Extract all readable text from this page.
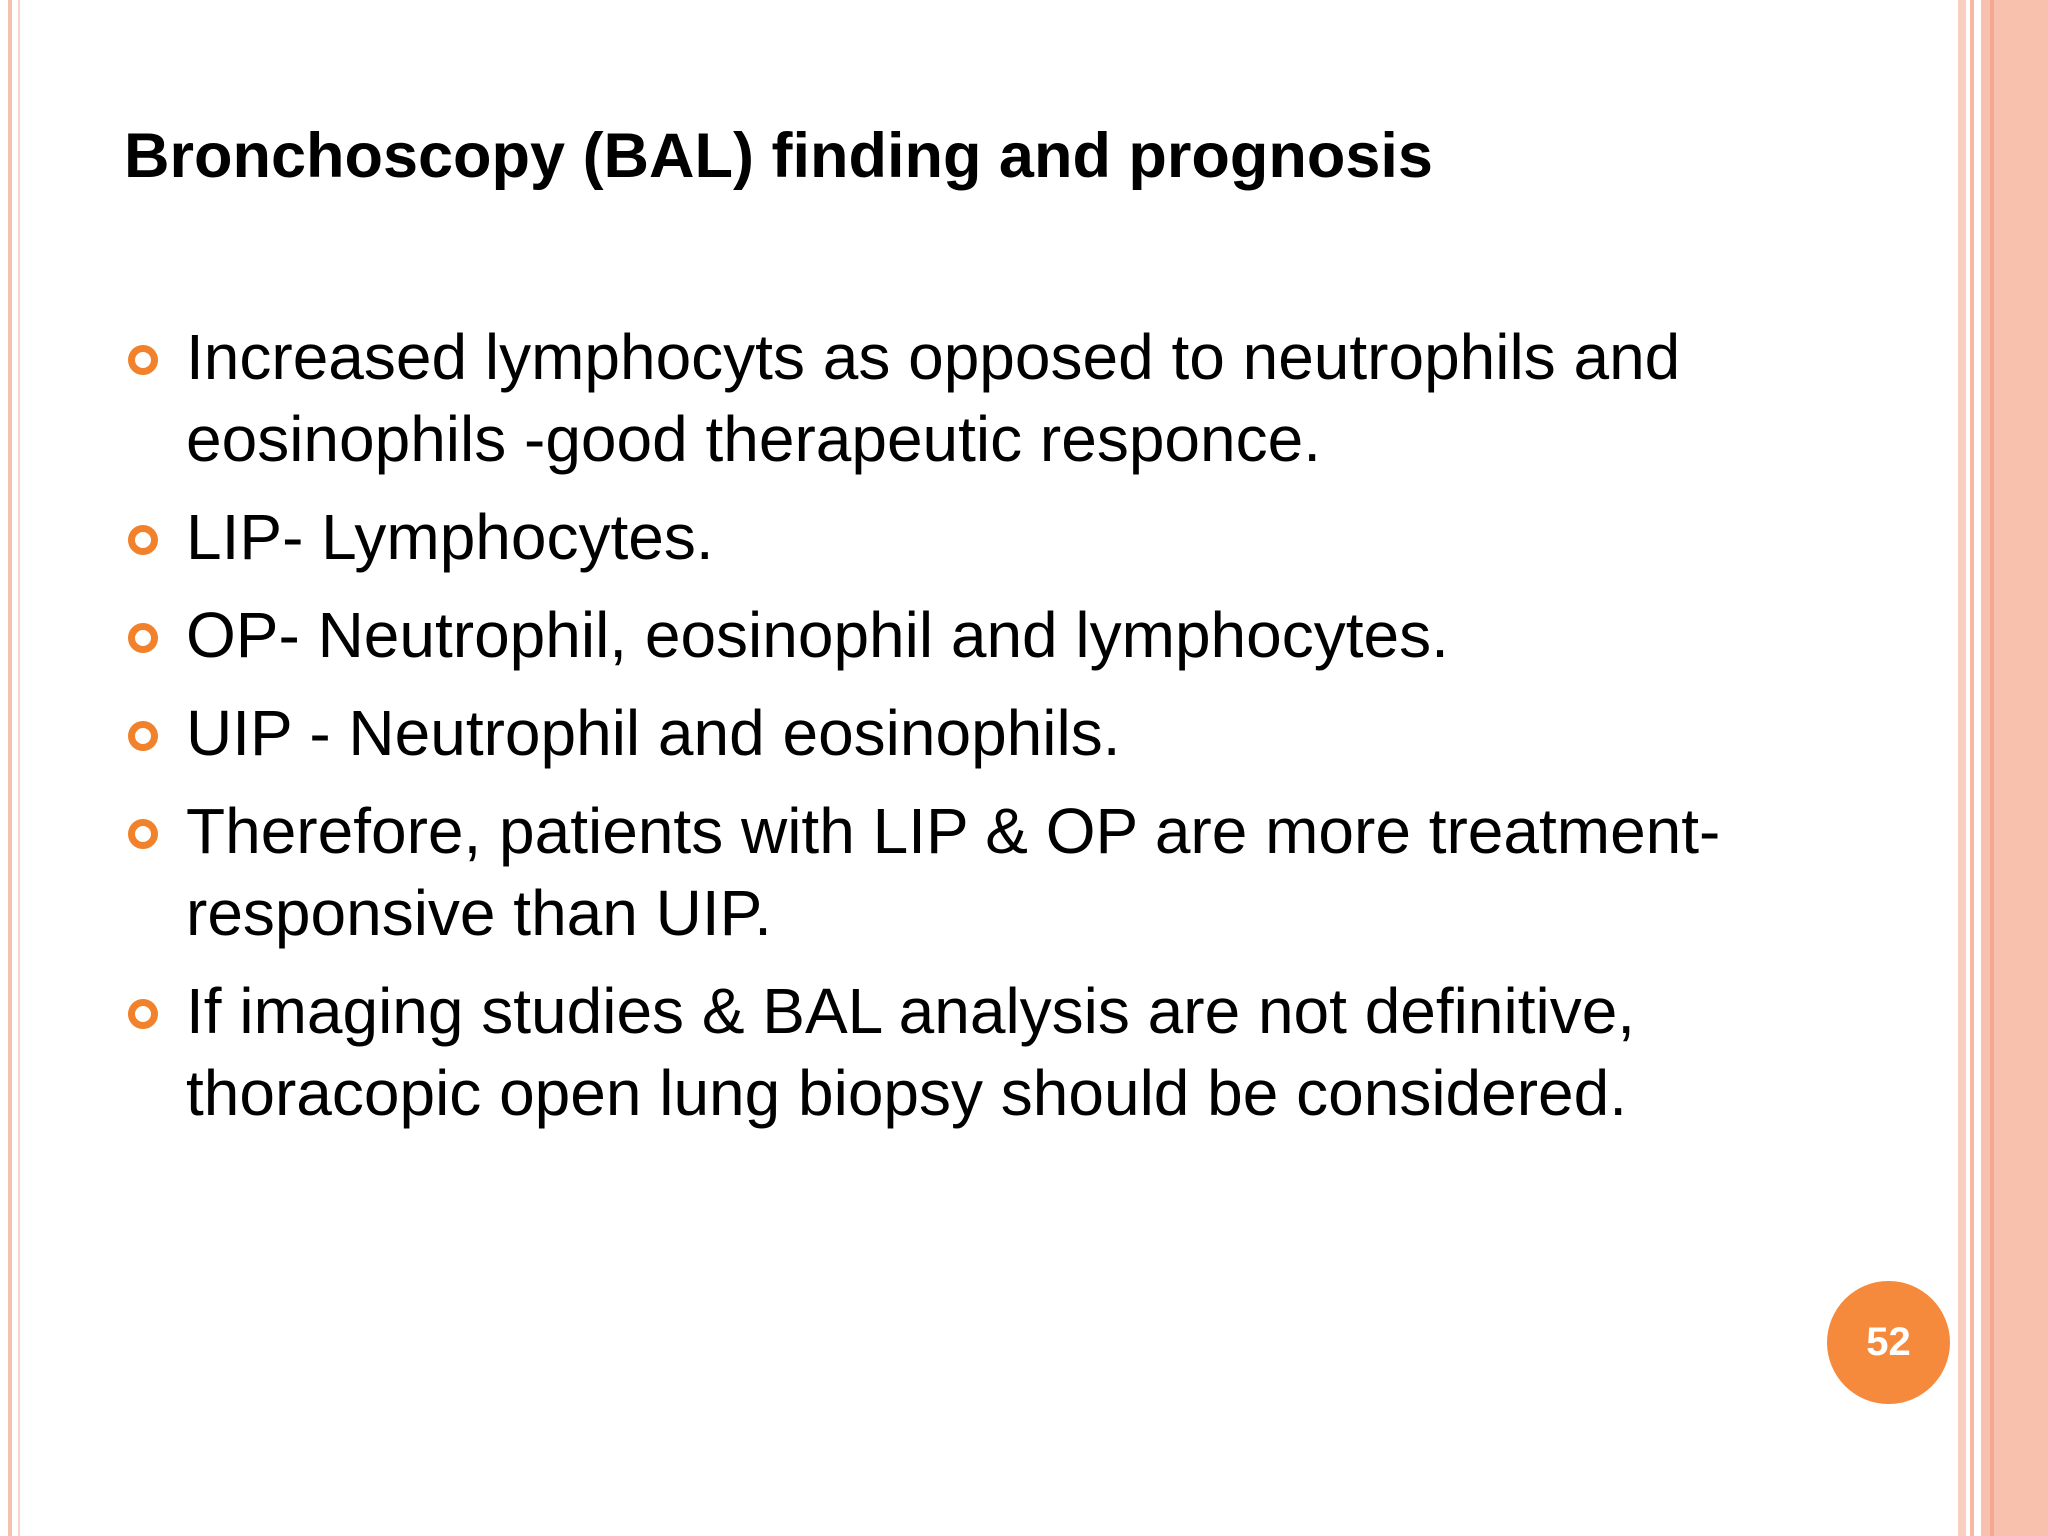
Bronchoscopy (BAL) finding and prognosis
Increased lymphocyts as opposed to neutrophils and eosinophils -good therapeutic responce.
LIP- Lymphocytes.
OP- Neutrophil, eosinophil and lymphocytes.
UIP - Neutrophil and eosinophils.
Therefore, patients with LIP & OP are more treatment-responsive than UIP.
If imaging studies & BAL analysis are not definitive, thoracopic open lung biopsy should be considered.
52
